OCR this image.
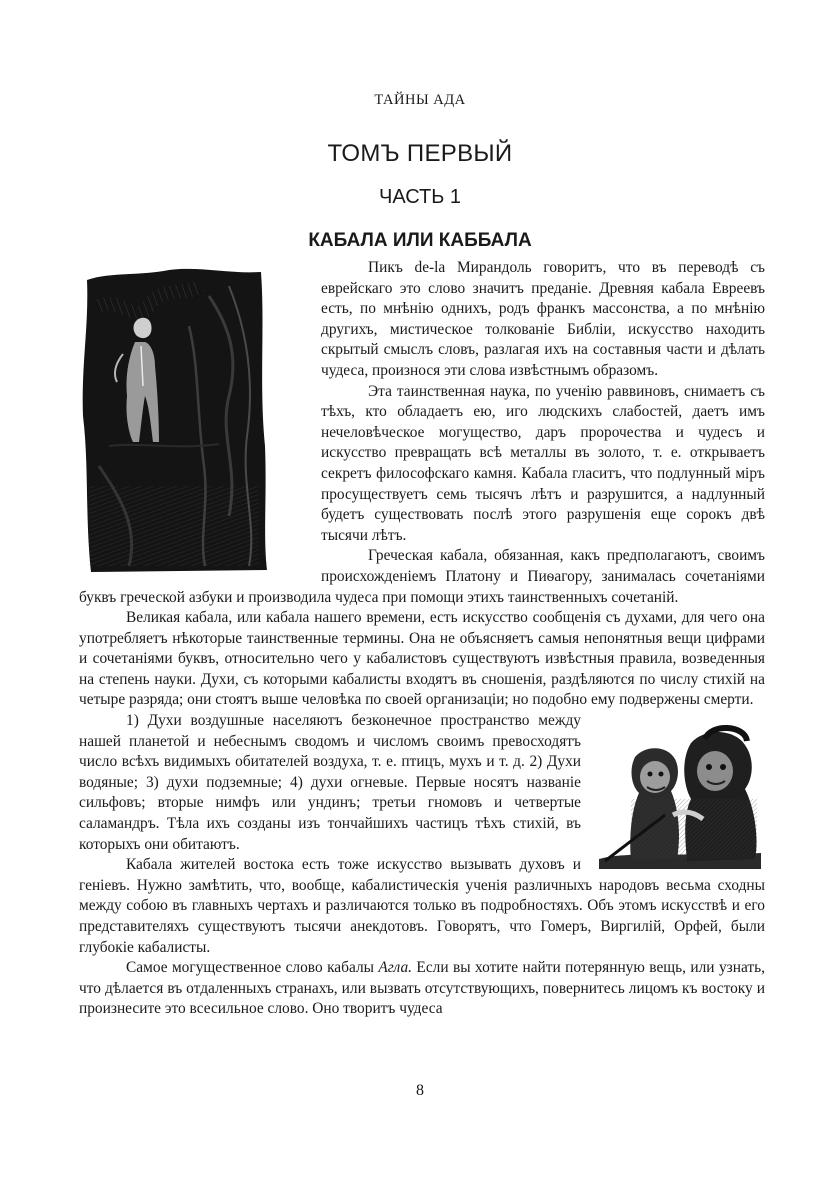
ТАЙНЫ АДА
ТОМЪ ПЕРВЫЙ
ЧАСТЬ 1
КАБАЛА ИЛИ КАББАЛА

Пикъ de-la Мирандоль говоритъ, что въ переводѣ съ еврейскаго это слово значитъ преданіе. Древняя кабала Евреевъ есть, по мнѣнію однихъ, родъ франкъ массонства, а по мнѣнію другихъ, мистическое толкованіе Библіи, искусство находить скрытый смыслъ словъ, разлагая ихъ на составныя части и дѣлать чудеса, произнося эти слова извѣстнымъ образомъ.

Эта таинственная наука, по ученію раввиновъ, снимаетъ съ тѣхъ, кто обладаетъ ею, иго людскихъ слабостей, даетъ имъ нечеловѣческое могущество, даръ пророчества и чудесъ и искусство превращать всѣ металлы въ золото, т. е. открываетъ секретъ философскаго камня. Кабала гласитъ, что подлунный міръ просуществуетъ семь тысячъ лѣтъ и разрушится, а надлунный будетъ существовать послѣ этого разрушенія еще сорокъ двѣ тысячи лѣтъ.

Греческая кабала, обязанная, какъ предполагаютъ, своимъ происхожденіемъ Платону и Пиѳагору, занималась сочетаніями буквъ греческой азбуки и производила чудеса при помощи этихъ таинственныхъ сочетаній.

Великая кабала, или кабала нашего времени, есть искусство сообщенія съ духами, для чего она употребляетъ нѣкоторые таинственные термины. Она не объясняетъ самыя непонятныя вещи цифрами и сочетаніями буквъ, относительно чего у кабалистовъ существуютъ извѣстныя правила, возведенныя на степень науки. Духи, съ которыми кабалисты входятъ въ сношенія, раздѣляются по числу стихій на четыре разряда; они стоятъ выше человѣка по своей организаціи; но подобно ему подвержены смерти.

1) Духи воздушные населяютъ безконечное пространство между нашей планетой и небеснымъ сводомъ и числомъ своимъ превосходятъ число всѣхъ видимыхъ обитателей воздуха, т. е. птицъ, мухъ и т. д. 2) Духи водяные; 3) духи подземные; 4) духи огневые. Первые носятъ названіе сильфовъ; вторые нимфъ или ундинъ; третьи гномовъ и четвертые саламандръ. Тѣла ихъ созданы изъ тончайшихъ частицъ тѣхъ стихій, въ которыхъ они обитаютъ.

Кабала жителей востока есть тоже искусство вызывать духовъ и геніевъ. Нужно замѣтить, что, вообще, кабалистическія ученія различныхъ народовъ весьма сходны между собою въ главныхъ чертахъ и различаются только въ подробностяхъ. Объ этомъ искусствѣ и его представителяхъ существуютъ тысячи анекдотовъ. Говорятъ, что Гомеръ, Виргилій, Орфей, были глубокіе кабалисты.

Самое могущественное слово кабалы Агла. Если вы хотите найти потерянную вещь, или узнать, что дѣлается въ отдаленныхъ странахъ, или вызвать отсутствующихъ, повернитесь лицомъ къ востоку и произнесите это всесильное слово. Оно творитъ чудеса

8
